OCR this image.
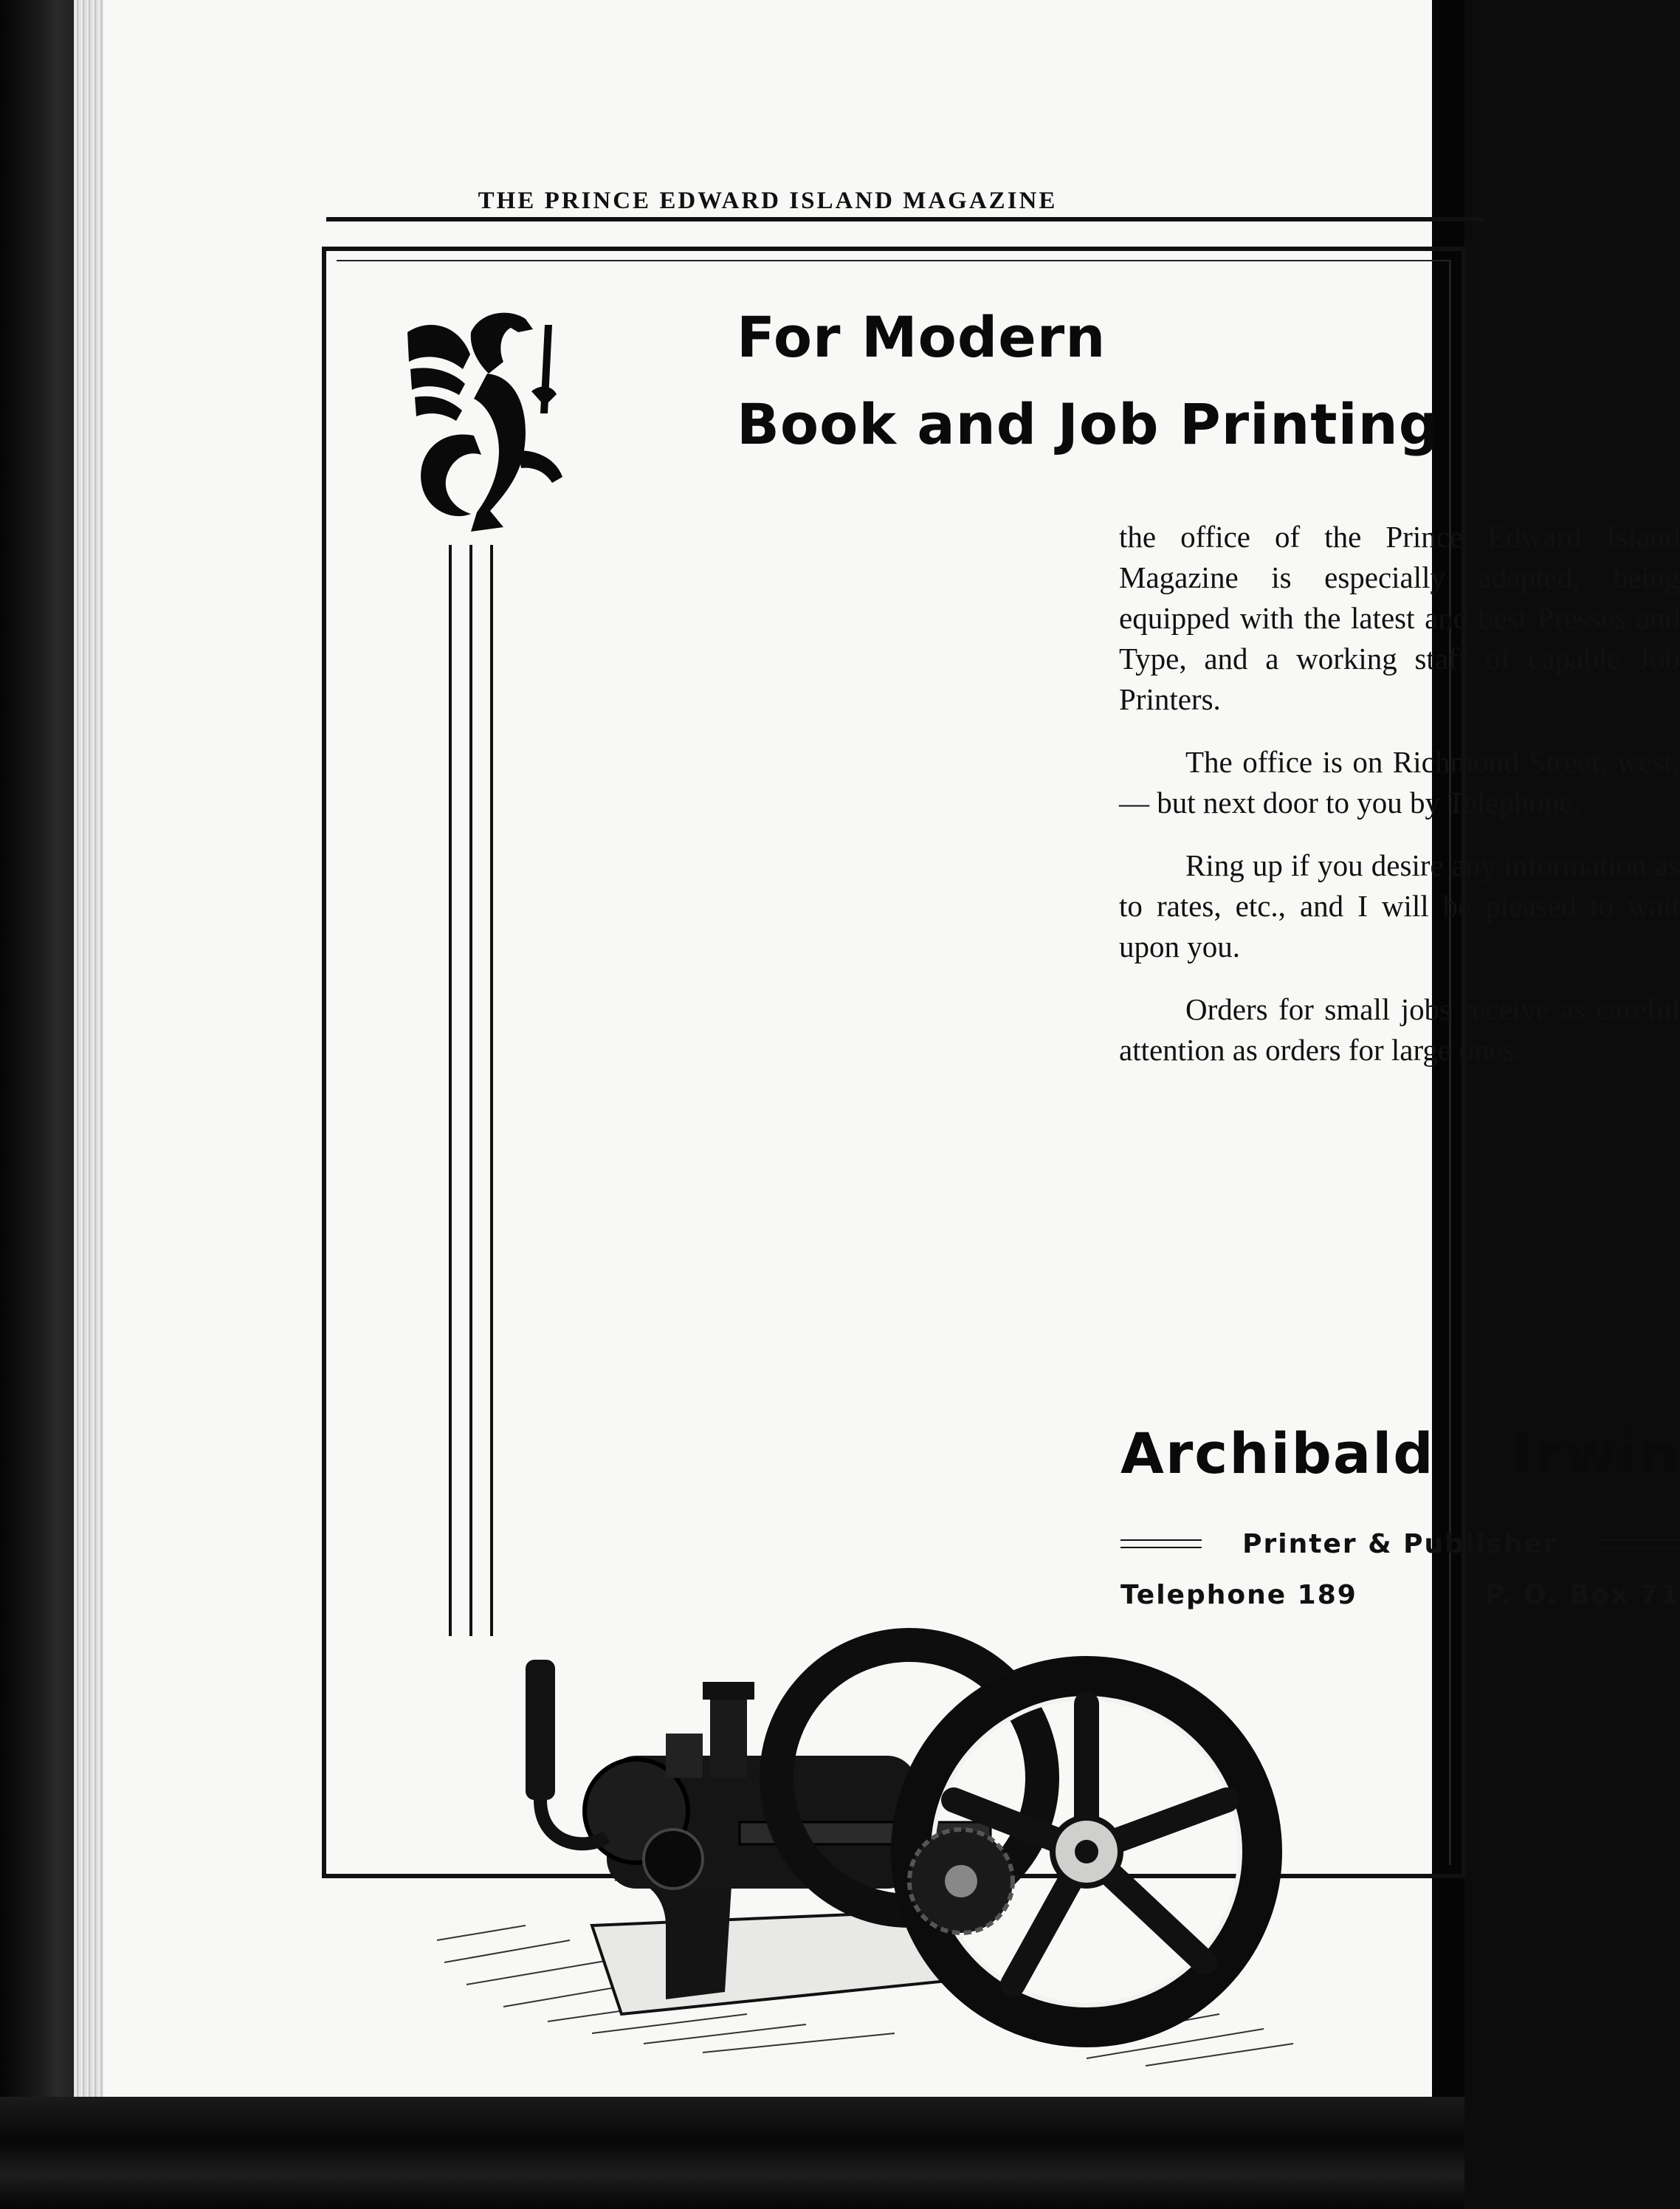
THE PRINCE EDWARD ISLAND MAGAZINE
For Modern
Book and Job Printing

the office of the Prince Edward Island Magazine is especially adapted, being equipped with the latest and best Presses and Type, and a working staff of capable Job Printers.

The office is on Richmond Street, west,— but next door to you by Telephone.

Ring up if you desire any information as to rates, etc., and I will be pleased to wait upon you.

Orders for small jobs receive as careful attention as orders for large ones.

Archibald Irwin
Printer & Publisher
Telephone 189	P. O. Box 71
